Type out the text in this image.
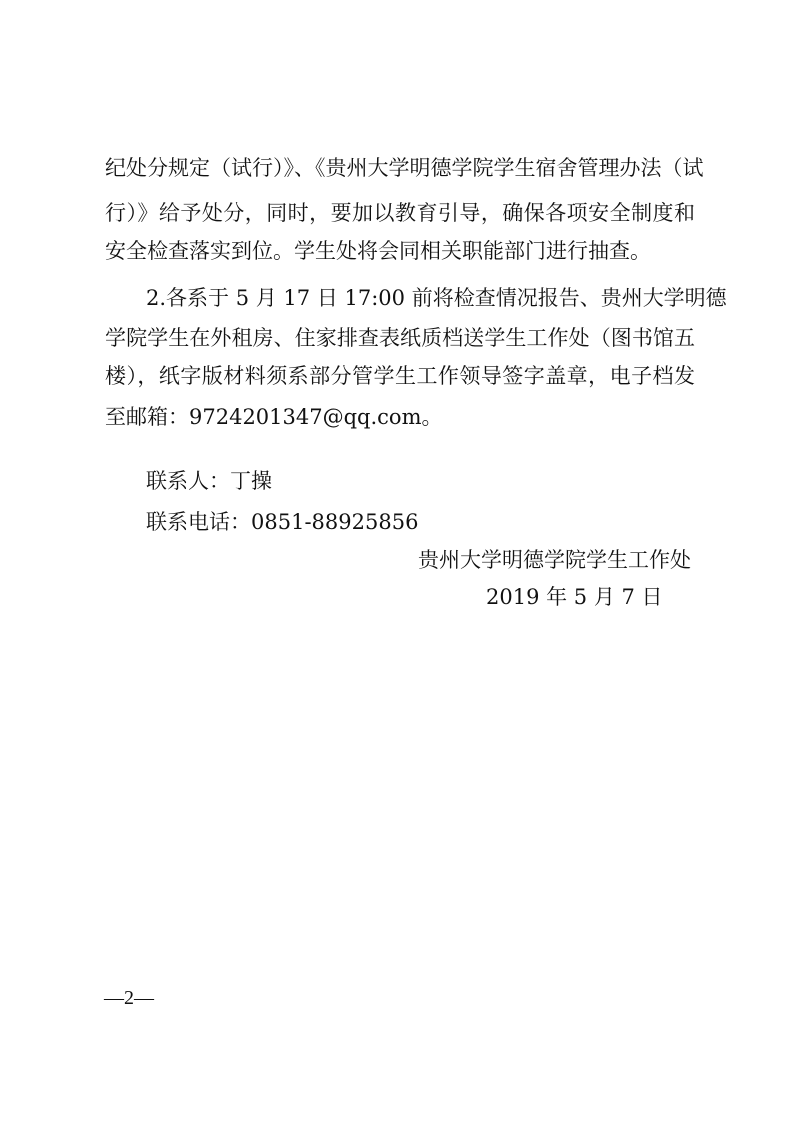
纪处分规定（试行）》、《贵州大学明德学院学生宿舍管理办法（试
行）》给予处分，同时，要加以教育引导，确保各项安全制度和
安全检查落实到位。学生处将会同相关职能部门进行抽查。
2.各系于 5 月 17 日 17:00 前将检查情况报告、贵州大学明德
学院学生在外租房、住家排查表纸质档送学生工作处（图书馆五
楼），纸字版材料须系部分管学生工作领导签字盖章，电子档发
至邮箱：9724201347@qq.com。
联系人：丁操
联系电话：0851-88925856
贵州大学明德学院学生工作处
2019 年 5 月 7 日
—2—
